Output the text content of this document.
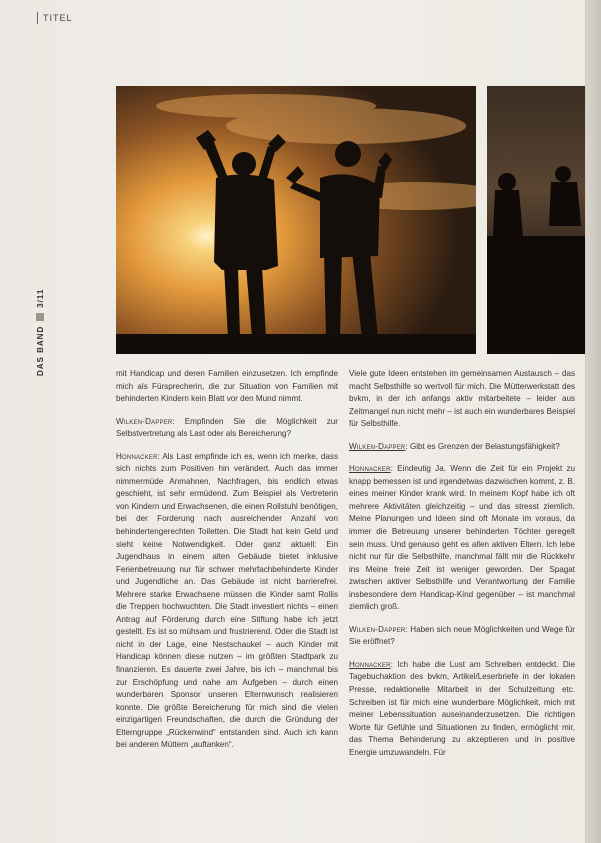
TITEL
DAS BAND
3/11

mit Handicap und deren Familien einzusetzen. Ich empfinde mich als Fürsprecherin, die zur Situation von Familien mit behinderten Kindern kein Blatt vor den Mund nimmt.

Wilken-Dapper: Empfinden Sie die Möglichkeit zur Selbstvertretung als Last oder als Bereicherung?

Honnacker: Als Last empfinde ich es, wenn ich merke, dass sich nichts zum Positiven hin verändert. Auch das immer nimmermüde Anmahnen, Nachfragen, bis endlich etwas geschieht, ist sehr ermüdend. Zum Beispiel als Vertreterin von Kindern und Erwachsenen, die einen Rollstuhl benötigen, bei der Forderung nach ausreichender Anzahl von behindertengerechten Toiletten. Die Stadt hat kein Geld und sieht keine Notwendigkeit. Oder ganz aktuell: Ein Jugendhaus in einem alten Gebäude bietet inklusive Ferienbetreuung nur für schwer mehrfachbehinderte Kinder und Jugendliche an. Das Gebäude ist nicht barrierefrei. Mehrere starke Erwachsene müssen die Kinder samt Rollis die Treppen hochwuchten. Die Stadt investiert nichts – einen Antrag auf Förderung durch eine Stiftung habe ich jetzt gestellt. Es ist so mühsam und frustrierend. Oder die Stadt ist nicht in der Lage, eine Nestschaukel – auch Kinder mit Handicap können diese nutzen – im größten Stadtpark zu finanzieren. Es dauerte zwei Jahre, bis ich – manchmal bis zur Erschöpfung und nahe am Aufgeben – durch einen wunderbaren Sponsor unseren Elternwunsch realisieren konnte. Die größte Bereicherung für mich sind die vielen einzigartigen Freundschaften, die durch die Gründung der Elterngruppe „Rückenwind“ entstanden sind. Auch ich kann bei anderen Müttern „auftanken“.

Viele gute Ideen entstehen im gemeinsamen Austausch – das macht Selbsthilfe so wertvoll für mich. Die Mütterwerkstatt des bvkm, in der ich anfangs aktiv mitarbeitete – leider aus Zeitmangel nun nicht mehr – ist auch ein wunderbares Beispiel für Selbsthilfe.

Wilken-Dapper: Gibt es Grenzen der Belastungsfähigkeit?

Honnacker: Eindeutig Ja. Wenn die Zeit für ein Projekt zu knapp bemessen ist und irgendetwas dazwischen kommt, z. B. eines meiner Kinder krank wird. In meinem Kopf habe ich oft mehrere Aktivitäten gleichzeitig – und das stresst ziemlich. Meine Planungen und Ideen sind oft Monate im voraus, da immer die Betreuung unserer behinderten Töchter geregelt sein muss. Und genauso geht es allen aktiven Eltern. Ich lebe nicht nur für die Selbsthilfe, manchmal fällt mir die Rückkehr ins Meine freie Zeit ist weniger geworden. Der Spagat zwischen aktiver Selbsthilfe und Verantwortung der Familie insbesondere dem Handicap-Kind gegenüber – ist manchmal ziemlich groß.

Wilken-Dapper: Haben sich neue Möglichkeiten und Wege für Sie eröffnet?

Honnacker: Ich habe die Lust am Schreiben entdeckt. Die Tagebuchaktion des bvkm, Artikel/Leserbriefe in der lokalen Presse, redaktionelle Mitarbeit in der Schulzeitung etc. Schreiben ist für mich eine wunderbare Möglichkeit, mich mit meiner Lebenssituation auseinanderzusetzen. Die richtigen Worte für Gefühle und Situationen zu finden, ermöglicht mir, das Thema Behinderung zu akzeptieren und in positive Energie umzuwandeln. Für
